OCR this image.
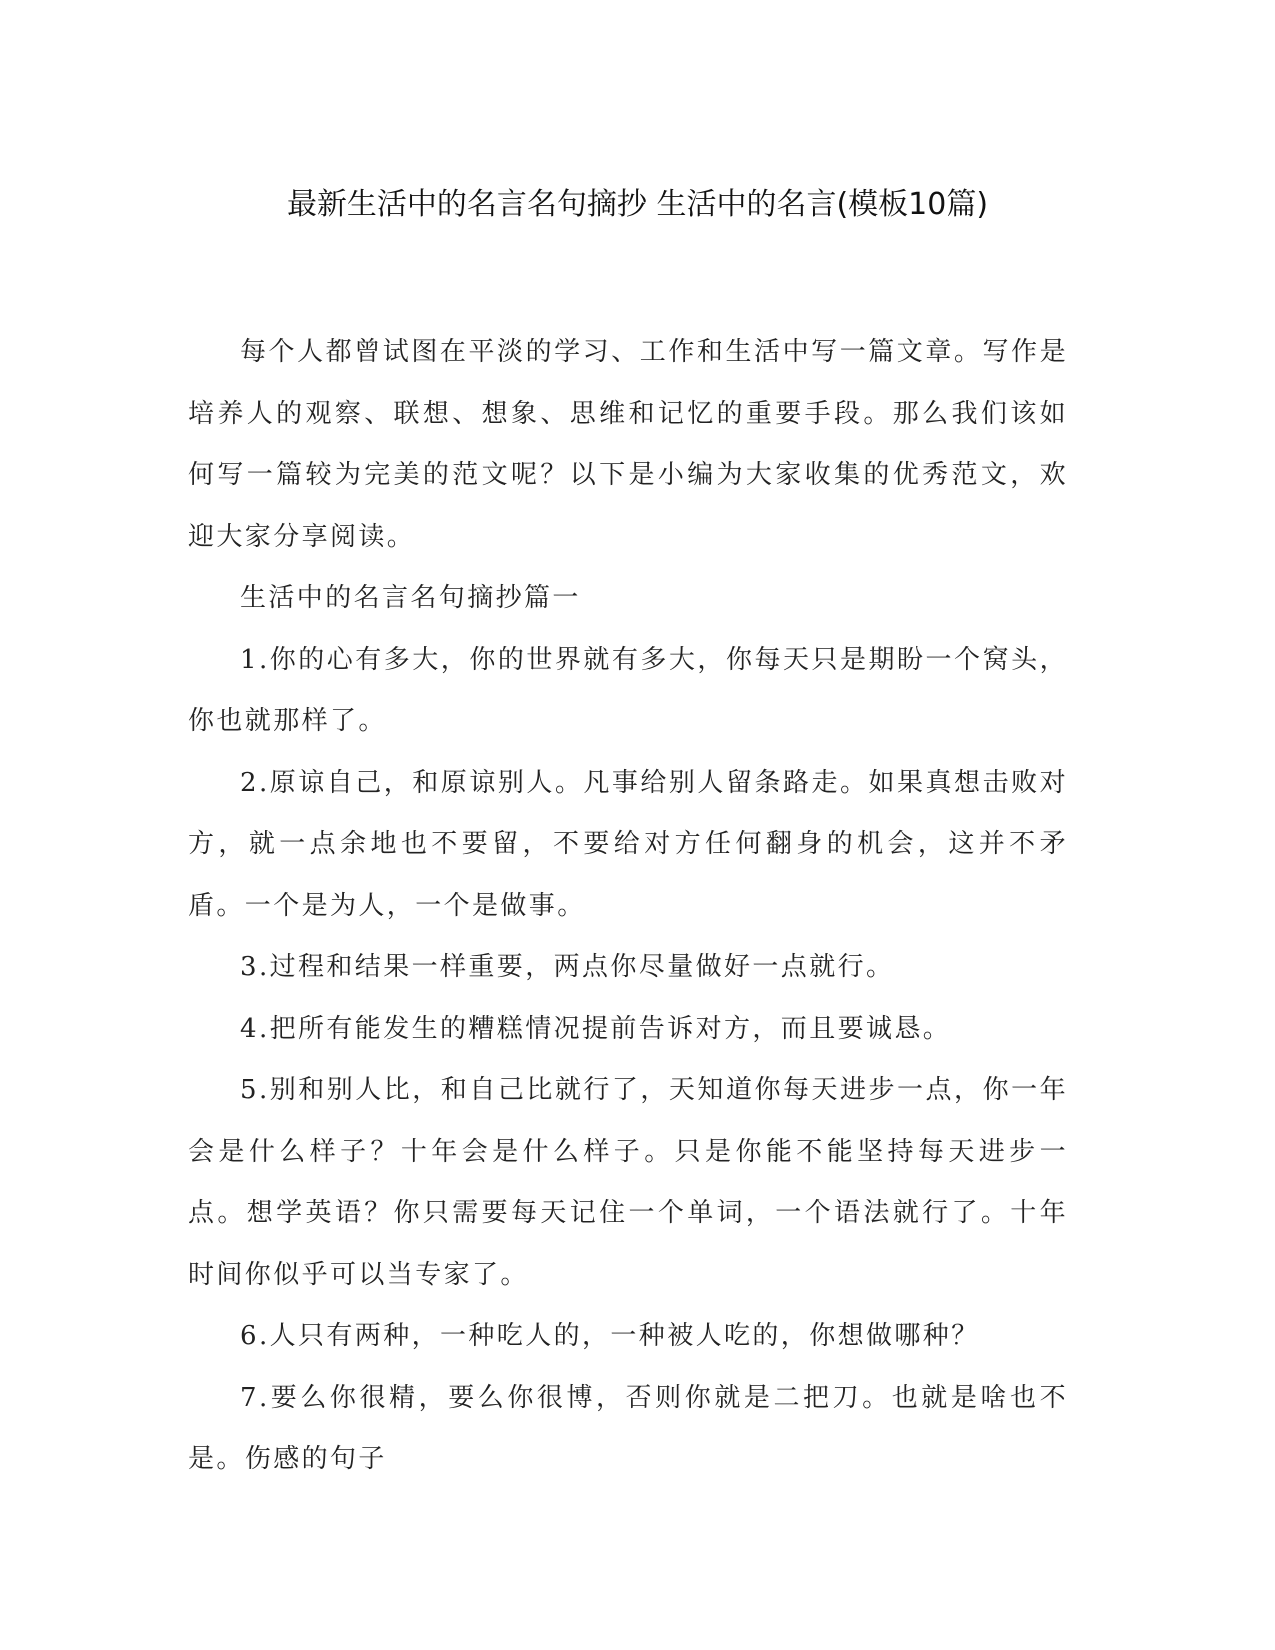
最新生活中的名言名句摘抄 生活中的名言(模板10篇)

每个人都曾试图在平淡的学习、工作和生活中写一篇文章。写作是培养人的观察、联想、想象、思维和记忆的重要手段。那么我们该如何写一篇较为完美的范文呢？以下是小编为大家收集的优秀范文，欢迎大家分享阅读。

生活中的名言名句摘抄篇一

1.你的心有多大，你的世界就有多大，你每天只是期盼一个窝头，你也就那样了。

2.原谅自己，和原谅别人。凡事给别人留条路走。如果真想击败对方，就一点余地也不要留，不要给对方任何翻身的机会，这并不矛盾。一个是为人，一个是做事。

3.过程和结果一样重要，两点你尽量做好一点就行。

4.把所有能发生的糟糕情况提前告诉对方，而且要诚恳。

5.别和别人比，和自己比就行了，天知道你每天进步一点，你一年会是什么样子？十年会是什么样子。只是你能不能坚持每天进步一点。想学英语？你只需要每天记住一个单词，一个语法就行了。十年时间你似乎可以当专家了。

6.人只有两种，一种吃人的，一种被人吃的，你想做哪种？

7.要么你很精，要么你很博，否则你就是二把刀。也就是啥也不是。伤感的句子
